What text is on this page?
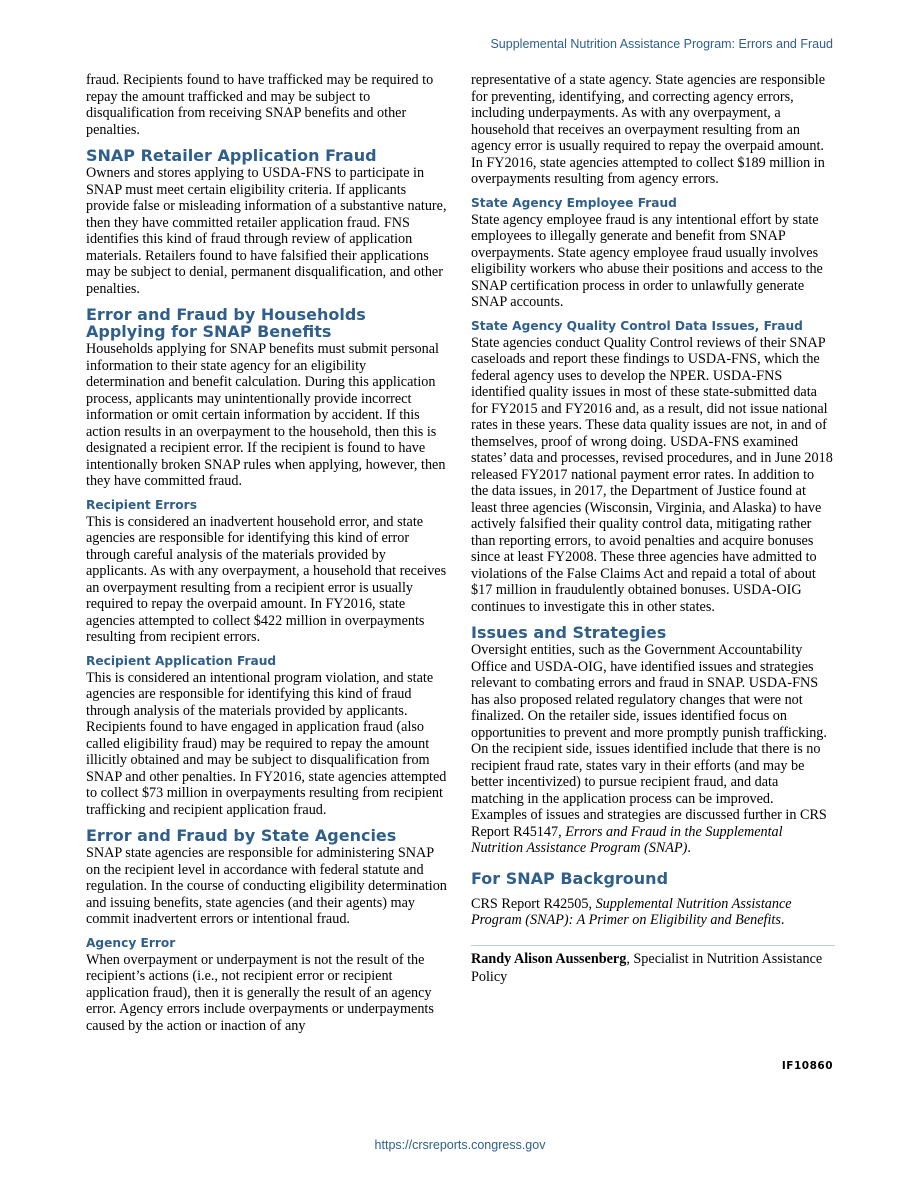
Supplemental Nutrition Assistance Program: Errors and Fraud

fraud. Recipients found to have trafficked may be required to repay the amount trafficked and may be subject to disqualification from receiving SNAP benefits and other penalties.

SNAP Retailer Application Fraud

Owners and stores applying to USDA-FNS to participate in SNAP must meet certain eligibility criteria. If applicants provide false or misleading information of a substantive nature, then they have committed retailer application fraud. FNS identifies this kind of fraud through review of application materials. Retailers found to have falsified their applications may be subject to denial, permanent disqualification, and other penalties.

Error and Fraud by Households Applying for SNAP Benefits

Households applying for SNAP benefits must submit personal information to their state agency for an eligibility determination and benefit calculation. During this application process, applicants may unintentionally provide incorrect information or omit certain information by accident. If this action results in an overpayment to the household, then this is designated a recipient error. If the recipient is found to have intentionally broken SNAP rules when applying, however, then they have committed fraud.

Recipient Errors

This is considered an inadvertent household error, and state agencies are responsible for identifying this kind of error through careful analysis of the materials provided by applicants. As with any overpayment, a household that receives an overpayment resulting from a recipient error is usually required to repay the overpaid amount. In FY2016, state agencies attempted to collect $422 million in overpayments resulting from recipient errors.

Recipient Application Fraud

This is considered an intentional program violation, and state agencies are responsible for identifying this kind of fraud through analysis of the materials provided by applicants. Recipients found to have engaged in application fraud (also called eligibility fraud) may be required to repay the amount illicitly obtained and may be subject to disqualification from SNAP and other penalties. In FY2016, state agencies attempted to collect $73 million in overpayments resulting from recipient trafficking and recipient application fraud.

Error and Fraud by State Agencies

SNAP state agencies are responsible for administering SNAP on the recipient level in accordance with federal statute and regulation. In the course of conducting eligibility determination and issuing benefits, state agencies (and their agents) may commit inadvertent errors or intentional fraud.

Agency Error

When overpayment or underpayment is not the result of the recipient’s actions (i.e., not recipient error or recipient application fraud), then it is generally the result of an agency error. Agency errors include overpayments or underpayments caused by the action or inaction of any

representative of a state agency. State agencies are responsible for preventing, identifying, and correcting agency errors, including underpayments. As with any overpayment, a household that receives an overpayment resulting from an agency error is usually required to repay the overpaid amount. In FY2016, state agencies attempted to collect $189 million in overpayments resulting from agency errors.

State Agency Employee Fraud

State agency employee fraud is any intentional effort by state employees to illegally generate and benefit from SNAP overpayments. State agency employee fraud usually involves eligibility workers who abuse their positions and access to the SNAP certification process in order to unlawfully generate SNAP accounts.

State Agency Quality Control Data Issues, Fraud

State agencies conduct Quality Control reviews of their SNAP caseloads and report these findings to USDA-FNS, which the federal agency uses to develop the NPER. USDA-FNS identified quality issues in most of these state-submitted data for FY2015 and FY2016 and, as a result, did not issue national rates in these years. These data quality issues are not, in and of themselves, proof of wrong doing. USDA-FNS examined states’ data and processes, revised procedures, and in June 2018 released FY2017 national payment error rates. In addition to the data issues, in 2017, the Department of Justice found at least three agencies (Wisconsin, Virginia, and Alaska) to have actively falsified their quality control data, mitigating rather than reporting errors, to avoid penalties and acquire bonuses since at least FY2008. These three agencies have admitted to violations of the False Claims Act and repaid a total of about $17 million in fraudulently obtained bonuses. USDA-OIG continues to investigate this in other states.

Issues and Strategies

Oversight entities, such as the Government Accountability Office and USDA-OIG, have identified issues and strategies relevant to combating errors and fraud in SNAP. USDA-FNS has also proposed related regulatory changes that were not finalized. On the retailer side, issues identified focus on opportunities to prevent and more promptly punish trafficking. On the recipient side, issues identified include that there is no recipient fraud rate, states vary in their efforts (and may be better incentivized) to pursue recipient fraud, and data matching in the application process can be improved. Examples of issues and strategies are discussed further in CRS Report R45147, Errors and Fraud in the Supplemental Nutrition Assistance Program (SNAP).

For SNAP Background

CRS Report R42505, Supplemental Nutrition Assistance Program (SNAP): A Primer on Eligibility and Benefits.

Randy Alison Aussenberg, Specialist in Nutrition Assistance Policy

IF10860
https://crsreports.congress.gov
